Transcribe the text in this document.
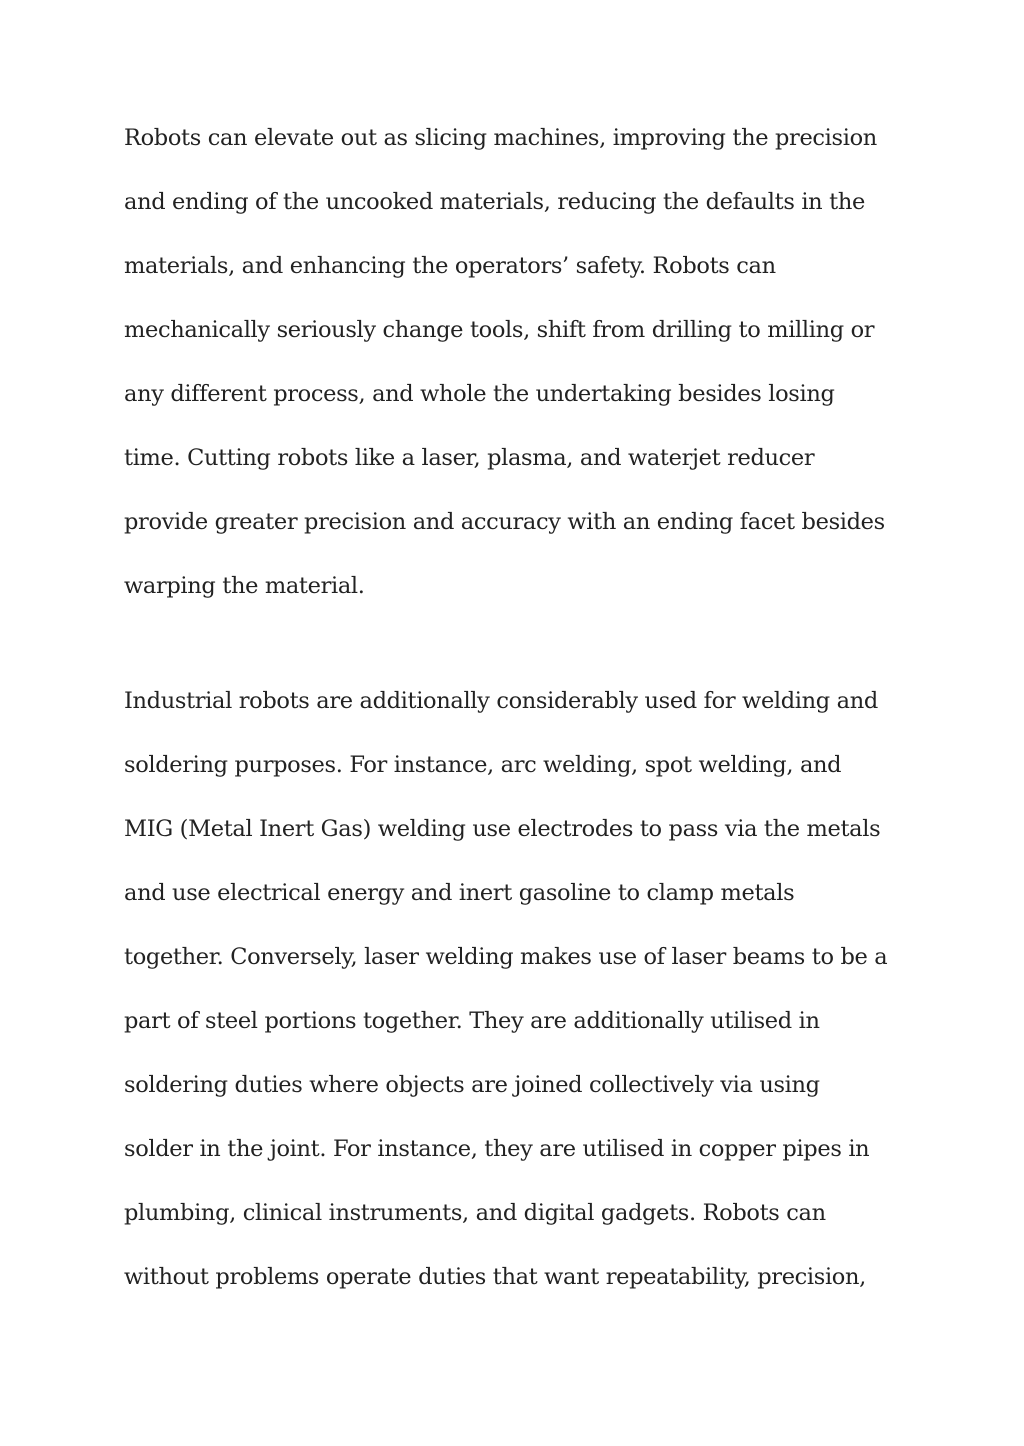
Robots can elevate out as slicing machines, improving the precision
and ending of the uncooked materials, reducing the defaults in the
materials, and enhancing the operators’ safety. Robots can
mechanically seriously change tools, shift from drilling to milling or
any different process, and whole the undertaking besides losing
time. Cutting robots like a laser, plasma, and waterjet reducer
provide greater precision and accuracy with an ending facet besides
warping the material.
Industrial robots are additionally considerably used for welding and
soldering purposes. For instance, arc welding, spot welding, and
MIG (Metal Inert Gas) welding use electrodes to pass via the metals
and use electrical energy and inert gasoline to clamp metals
together. Conversely, laser welding makes use of laser beams to be a
part of steel portions together. They are additionally utilised in
soldering duties where objects are joined collectively via using
solder in the joint. For instance, they are utilised in copper pipes in
plumbing, clinical instruments, and digital gadgets. Robots can
without problems operate duties that want repeatability, precision,
